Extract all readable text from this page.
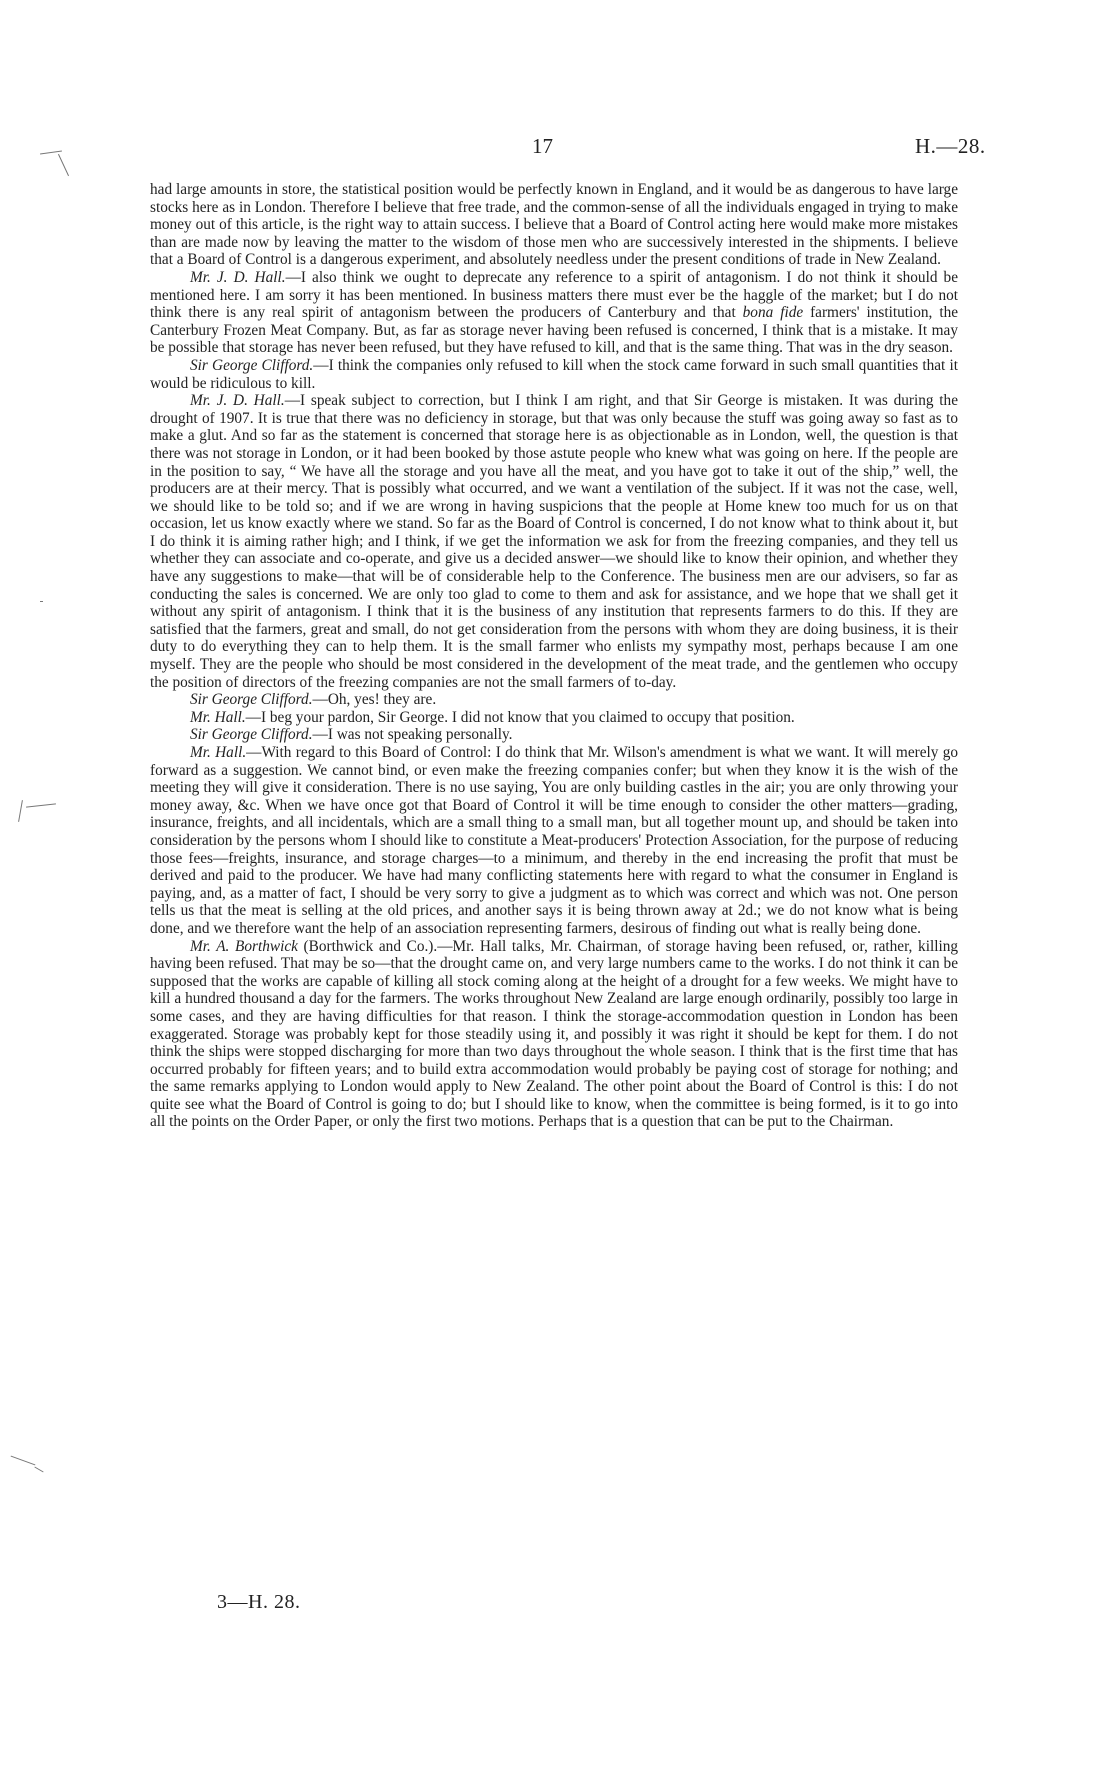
17	H.—28.

had large amounts in store, the statistical position would be perfectly known in England, and it would be as dangerous to have large stocks here as in London. Therefore I believe that free trade, and the common-sense of all the individuals engaged in trying to make money out of this article, is the right way to attain success. I believe that a Board of Control acting here would make more mistakes than are made now by leaving the matter to the wisdom of those men who are successively interested in the shipments. I believe that a Board of Control is a dangerous experiment, and absolutely needless under the present conditions of trade in New Zealand.

Mr. J. D. Hall.—I also think we ought to deprecate any reference to a spirit of antagonism. I do not think it should be mentioned here. I am sorry it has been mentioned. In business matters there must ever be the haggle of the market; but I do not think there is any real spirit of antagonism between the producers of Canterbury and that bona fide farmers' institution, the Canterbury Frozen Meat Company. But, as far as storage never having been refused is concerned, I think that is a mistake. It may be possible that storage has never been refused, but they have refused to kill, and that is the same thing. That was in the dry season.

Sir George Clifford.—I think the companies only refused to kill when the stock came forward in such small quantities that it would be ridiculous to kill.

Mr. J. D. Hall.—I speak subject to correction, but I think I am right, and that Sir George is mistaken. It was during the drought of 1907. It is true that there was no deficiency in storage, but that was only because the stuff was going away so fast as to make a glut. And so far as the statement is concerned that storage here is as objectionable as in London, well, the question is that there was not storage in London, or it had been booked by those astute people who knew what was going on here. If the people are in the position to say, “ We have all the storage and you have all the meat, and you have got to take it out of the ship,” well, the producers are at their mercy. That is possibly what occurred, and we want a ventilation of the subject. If it was not the case, well, we should like to be told so; and if we are wrong in having suspicions that the people at Home knew too much for us on that occasion, let us know exactly where we stand. So far as the Board of Control is concerned, I do not know what to think about it, but I do think it is aiming rather high; and I think, if we get the information we ask for from the freezing companies, and they tell us whether they can associate and co-operate, and give us a decided answer—we should like to know their opinion, and whether they have any suggestions to make—that will be of considerable help to the Conference. The business men are our advisers, so far as conducting the sales is concerned. We are only too glad to come to them and ask for assistance, and we hope that we shall get it without any spirit of antagonism. I think that it is the business of any institution that represents farmers to do this. If they are satisfied that the farmers, great and small, do not get consideration from the persons with whom they are doing business, it is their duty to do everything they can to help them. It is the small farmer who enlists my sympathy most, perhaps because I am one myself. They are the people who should be most considered in the development of the meat trade, and the gentlemen who occupy the position of directors of the freezing companies are not the small farmers of to-day.

Sir George Clifford.—Oh, yes! they are.

Mr. Hall.—I beg your pardon, Sir George. I did not know that you claimed to occupy that position.

Sir George Clifford.—I was not speaking personally.

Mr. Hall.—With regard to this Board of Control: I do think that Mr. Wilson's amendment is what we want. It will merely go forward as a suggestion. We cannot bind, or even make the freezing companies confer; but when they know it is the wish of the meeting they will give it consideration. There is no use saying, You are only building castles in the air; you are only throwing your money away, &c. When we have once got that Board of Control it will be time enough to consider the other matters—grading, insurance, freights, and all incidentals, which are a small thing to a small man, but all together mount up, and should be taken into consideration by the persons whom I should like to constitute a Meat-producers' Protection Association, for the purpose of reducing those fees—freights, insurance, and storage charges—to a minimum, and thereby in the end increasing the profit that must be derived and paid to the producer. We have had many conflicting statements here with regard to what the consumer in England is paying, and, as a matter of fact, I should be very sorry to give a judgment as to which was correct and which was not. One person tells us that the meat is selling at the old prices, and another says it is being thrown away at 2d.; we do not know what is being done, and we therefore want the help of an association representing farmers, desirous of finding out what is really being done.

Mr. A. Borthwick (Borthwick and Co.).—Mr. Hall talks, Mr. Chairman, of storage having been refused, or, rather, killing having been refused. That may be so—that the drought came on, and very large numbers came to the works. I do not think it can be supposed that the works are capable of killing all stock coming along at the height of a drought for a few weeks. We might have to kill a hundred thousand a day for the farmers. The works throughout New Zealand are large enough ordinarily, possibly too large in some cases, and they are having difficulties for that reason. I think the storage-accommodation question in London has been exaggerated. Storage was probably kept for those steadily using it, and possibly it was right it should be kept for them. I do not think the ships were stopped discharging for more than two days throughout the whole season. I think that is the first time that has occurred probably for fifteen years; and to build extra accommodation would probably be paying cost of storage for nothing; and the same remarks applying to London would apply to New Zealand. The other point about the Board of Control is this: I do not quite see what the Board of Control is going to do; but I should like to know, when the committee is being formed, is it to go into all the points on the Order Paper, or only the first two motions. Perhaps that is a question that can be put to the Chairman.

3—H. 28.
